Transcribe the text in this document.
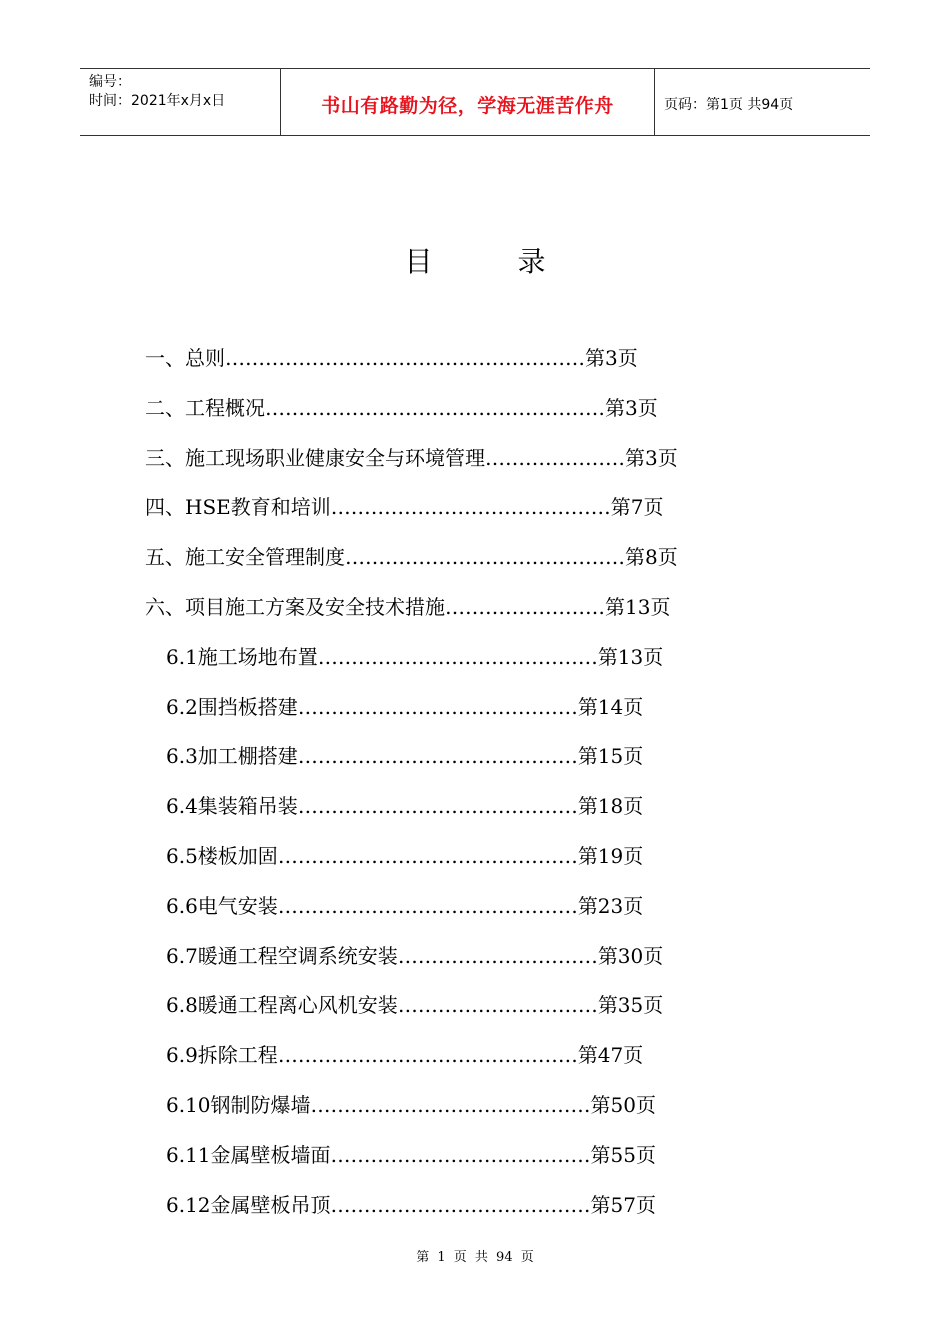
编号：
时间：2021年x月x日	书山有路勤为径，学海无涯苦作舟	页码：第1页 共94页
目 录
一、总则………………………………………………第3页
二、工程概况……………………………………………第3页
三、施工现场职业健康安全与环境管理…………………第3页
四、HSE教育和培训……………………………………第7页
五、施工安全管理制度……………………………………第8页
六、项目施工方案及安全技术措施……………………第13页
6.1施工场地布置……………………………………第13页
6.2围挡板搭建……………………………………第14页
6.3加工棚搭建……………………………………第15页
6.4集装箱吊装……………………………………第18页
6.5楼板加固………………………………………第19页
6.6电气安装………………………………………第23页
6.7暖通工程空调系统安装…………………………第30页
6.8暖通工程离心风机安装…………………………第35页
6.9拆除工程………………………………………第47页
6.10钢制防爆墙……………………………………第50页
6.11金属壁板墙面…………………………………第55页
6.12金属壁板吊顶…………………………………第57页
第 1 页 共 94 页
